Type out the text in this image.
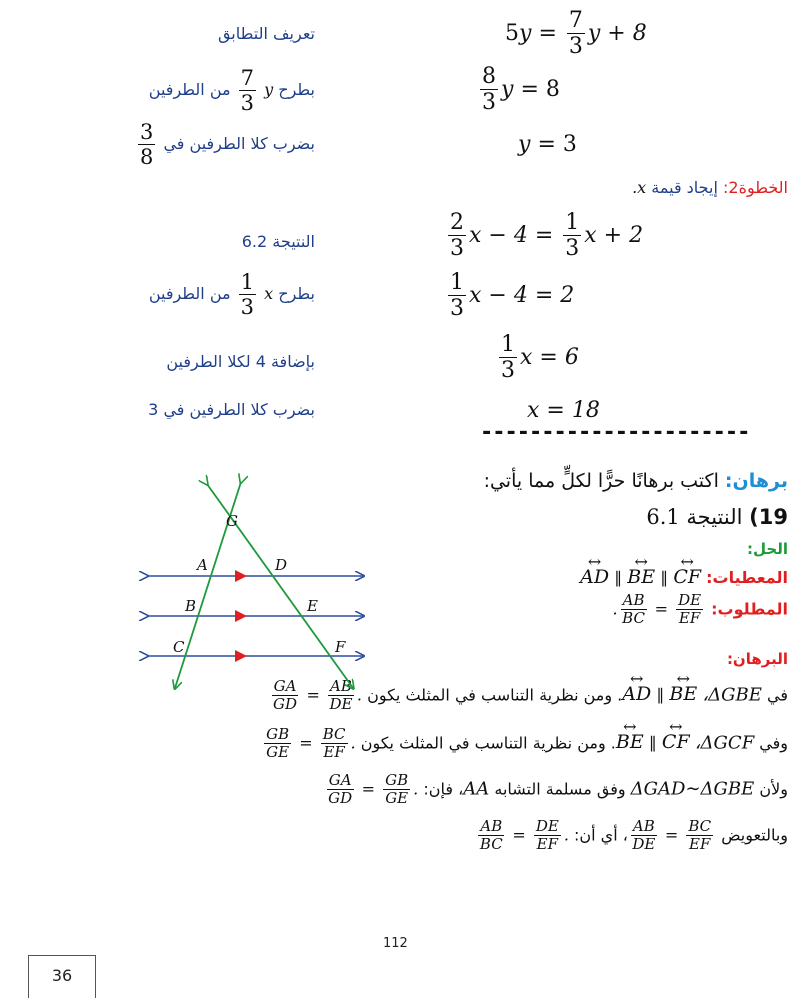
$5y = \frac{7}{3}$ y + 8
تعريف التطابق
$\frac{8}{3}$ y = 8
بطرح y
$\frac{7}{3}$
من الطرفين
y = 3
بضرب كلا الطرفين في
$\frac{3}{8}$
الخطوة2: إيجاد قيمة x.
$\frac{2}{3}$ $x - 4 = \frac{1}{3}$ x + 2
النتيجة 6.2
$\frac{1}{3}$ x − 4 = 2
بطرح x
$\frac{1}{3}$
من الطرفين
$\frac{1}{3}$ x = 6
بإضافة 4 لكلا الطرفين
x = 18
بضرب كلا الطرفين في 3
----------------------
برهان: اكتب برهانًا حرًّا لكلٍّ مما يأتي:
19) النتيجة 6.1
الحل:
المعطيات: ↔ AD ∥ ↔ BE ∥ ↔ CF
المطلوب: . $\frac{AB}{BC} = \frac{DE}{EF}$
البرهان:
في ΔGBE، ↔ AD ∥ ↔ BE. ومن نظرية التناسب في المثلث يكون
$\frac{GA}{GD} = \frac{AB}{DE}$ .
وفي ΔGCF، ↔ BE ∥ ↔ CF. ومن نظرية التناسب في المثلث يكون
$\frac{GB}{GE} = \frac{BC}{EF}$ .
ولأن ΔGAD∼ΔGBE وفق مسلمة التشابه AA، فإن:
$\frac{GA}{GD} = \frac{GB}{GE}$ .
وبالتعويض
$\frac{AB}{DE} = \frac{BC}{EF}$
، أي أن:
$\frac{AB}{BC} = \frac{DE}{EF}$ .
G
A	D
B	E
C	F
112
36
